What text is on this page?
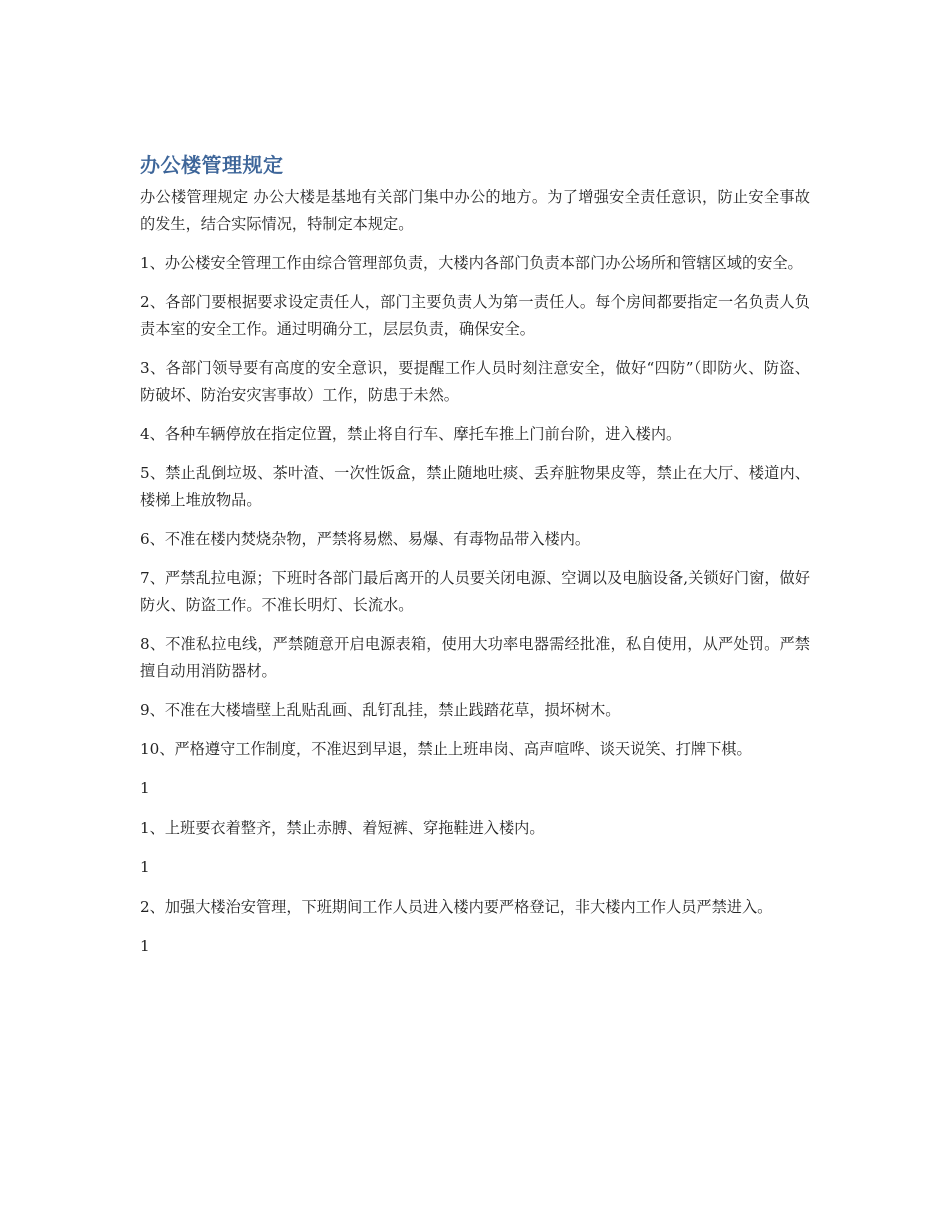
办公楼管理规定

办公楼管理规定 办公大楼是基地有关部门集中办公的地方。为了增强安全责任意识，防止安全事故的发生，结合实际情况，特制定本规定。

1、办公楼安全管理工作由综合管理部负责，大楼内各部门负责本部门办公场所和管辖区域的安全。

2、各部门要根据要求设定责任人，部门主要负责人为第一责任人。每个房间都要指定一名负责人负责本室的安全工作。通过明确分工，层层负责，确保安全。

3、各部门领导要有高度的安全意识，要提醒工作人员时刻注意安全，做好“四防”（即防火、防盗、防破坏、防治安灾害事故）工作，防患于未然。

4、各种车辆停放在指定位置，禁止将自行车、摩托车推上门前台阶，进入楼内。

5、禁止乱倒垃圾、茶叶渣、一次性饭盒，禁止随地吐痰、丢弃脏物果皮等，禁止在大厅、楼道内、楼梯上堆放物品。

6、不准在楼内焚烧杂物，严禁将易燃、易爆、有毒物品带入楼内。

7、严禁乱拉电源；下班时各部门最后离开的人员要关闭电源、空调以及电脑设备,关锁好门窗，做好防火、防盗工作。不准长明灯、长流水。

8、不准私拉电线，严禁随意开启电源表箱，使用大功率电器需经批准，私自使用，从严处罚。严禁擅自动用消防器材。

9、不准在大楼墙壁上乱贴乱画、乱钉乱挂，禁止践踏花草，损坏树木。

10、严格遵守工作制度，不准迟到早退，禁止上班串岗、高声喧哗、谈天说笑、打牌下棋。

1

1、上班要衣着整齐，禁止赤膊、着短裤、穿拖鞋进入楼内。

1

2、加强大楼治安管理，下班期间工作人员进入楼内要严格登记，非大楼内工作人员严禁进入。

1
